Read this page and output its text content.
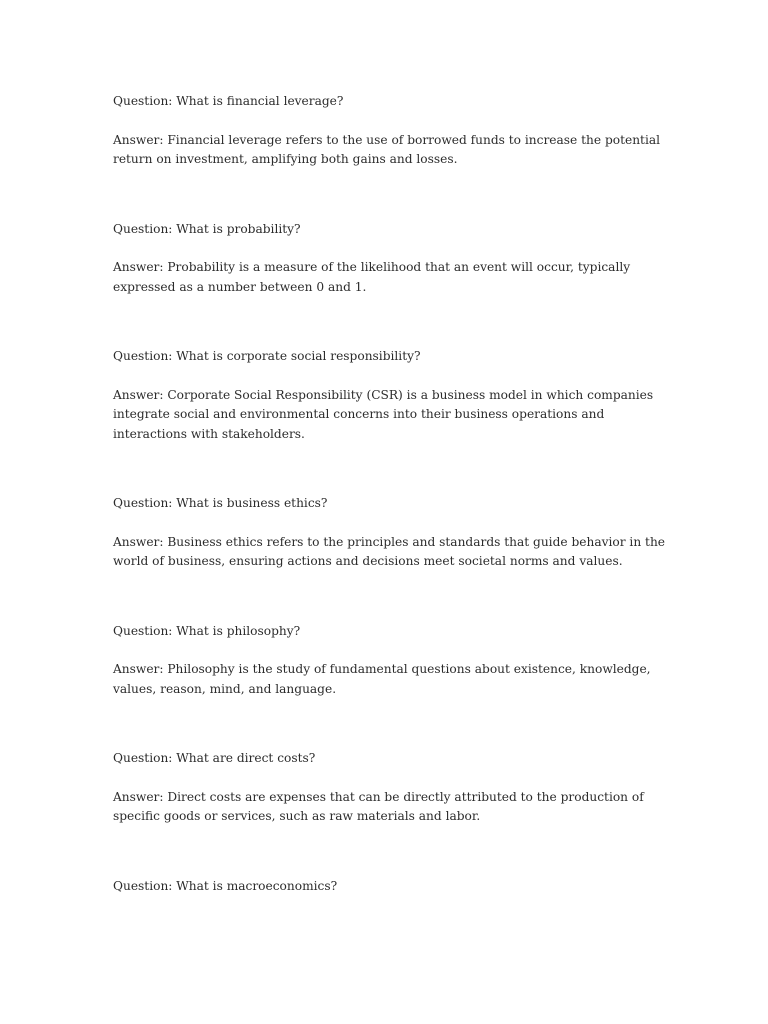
Question: What is financial leverage?

Answer: Financial leverage refers to the use of borrowed funds to increase the potential return on investment, amplifying both gains and losses.

Question: What is probability?

Answer: Probability is a measure of the likelihood that an event will occur, typically expressed as a number between 0 and 1.

Question: What is corporate social responsibility?

Answer: Corporate Social Responsibility (CSR) is a business model in which companies integrate social and environmental concerns into their business operations and interactions with stakeholders.

Question: What is business ethics?

Answer: Business ethics refers to the principles and standards that guide behavior in the world of business, ensuring actions and decisions meet societal norms and values.

Question: What is philosophy?

Answer: Philosophy is the study of fundamental questions about existence, knowledge, values, reason, mind, and language.

Question: What are direct costs?

Answer: Direct costs are expenses that can be directly attributed to the production of specific goods or services, such as raw materials and labor.

Question: What is macroeconomics?
